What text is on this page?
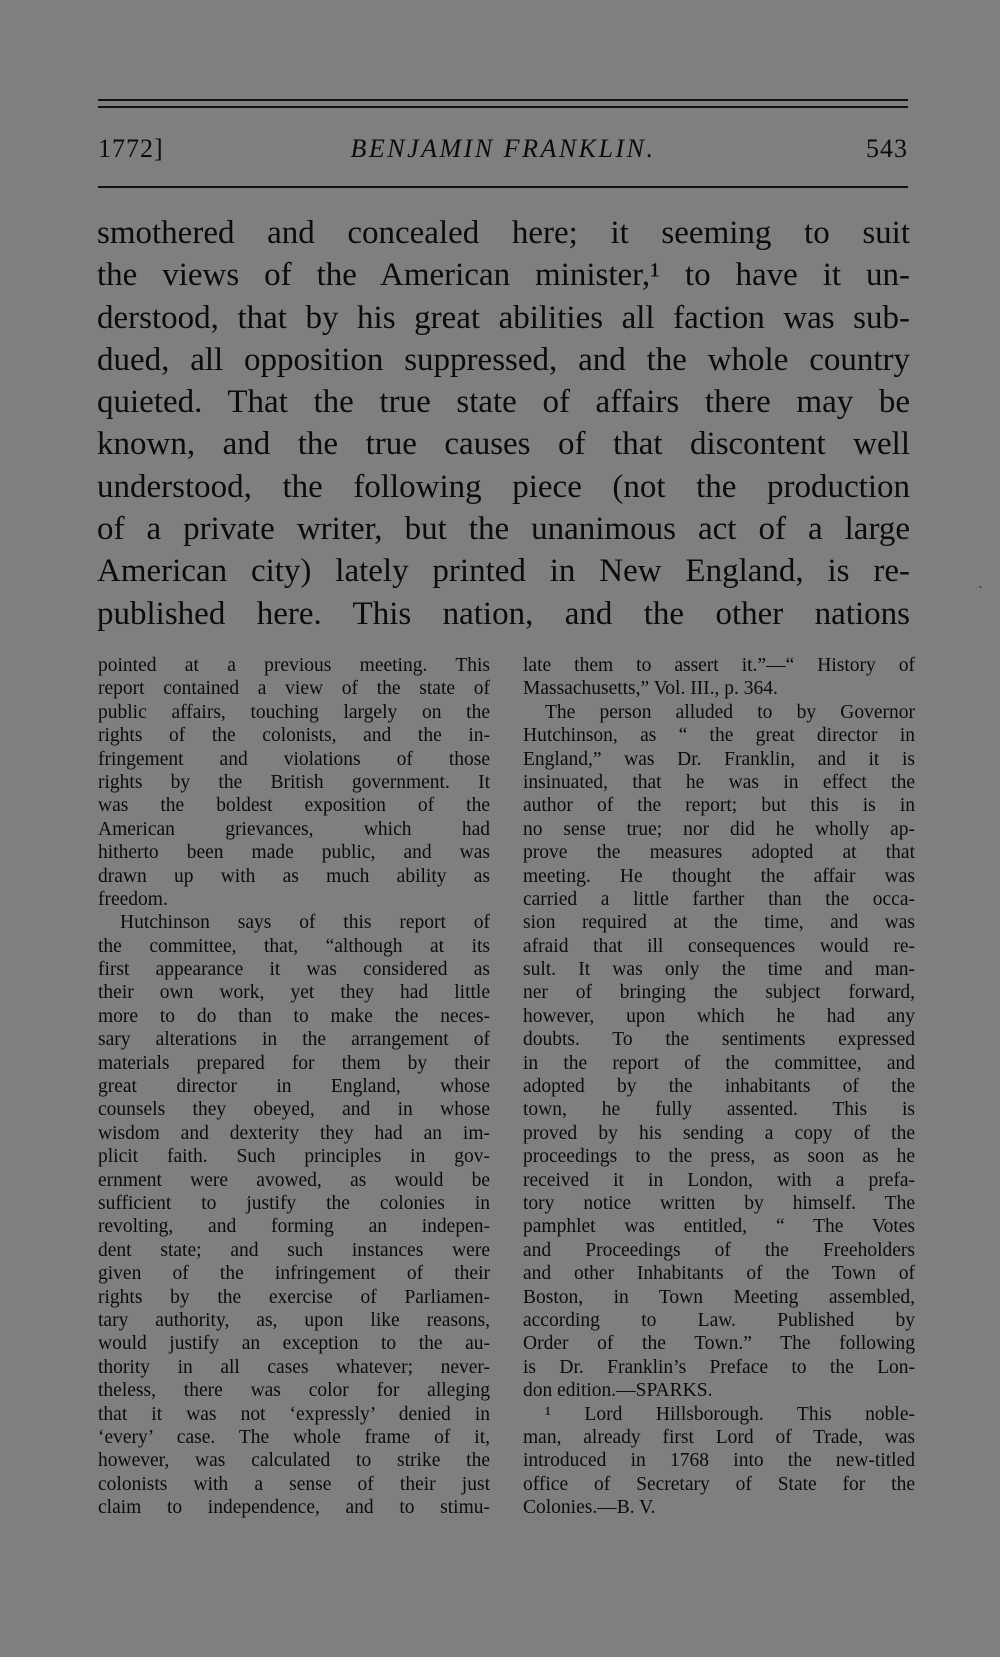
1772]	BENJAMIN FRANKLIN.	543
smothered and concealed here; it seeming to suit
the views of the American minister,¹ to have it un-
derstood, that by his great abilities all faction was sub-
dued, all opposition suppressed, and the whole country
quieted. That the true state of affairs there may be
known, and the true causes of that discontent well
understood, the following piece (not the production
of a private writer, but the unanimous act of a large
American city) lately printed in New England, is re-
published here. This nation, and the other nations
pointed at a previous meeting. This
report contained a view of the state of
public affairs, touching largely on the
rights of the colonists, and the in-
fringement and violations of those
rights by the British government. It
was the boldest exposition of the
American grievances, which had
hitherto been made public, and was
drawn up with as much ability as
freedom.
Hutchinson says of this report of
the committee, that, “although at its
first appearance it was considered as
their own work, yet they had little
more to do than to make the neces-
sary alterations in the arrangement of
materials prepared for them by their
great director in England, whose
counsels they obeyed, and in whose
wisdom and dexterity they had an im-
plicit faith. Such principles in gov-
ernment were avowed, as would be
sufficient to justify the colonies in
revolting, and forming an indepen-
dent state; and such instances were
given of the infringement of their
rights by the exercise of Parliamen-
tary authority, as, upon like reasons,
would justify an exception to the au-
thority in all cases whatever; never-
theless, there was color for alleging
that it was not ‘expressly’ denied in
‘every’ case. The whole frame of it,
however, was calculated to strike the
colonists with a sense of their just
claim to independence, and to stimu-
late them to assert it.”—“ History of
Massachusetts,” Vol. III., p. 364.
The person alluded to by Governor
Hutchinson, as “ the great director in
England,” was Dr. Franklin, and it is
insinuated, that he was in effect the
author of the report; but this is in
no sense true; nor did he wholly ap-
prove the measures adopted at that
meeting. He thought the affair was
carried a little farther than the occa-
sion required at the time, and was
afraid that ill consequences would re-
sult. It was only the time and man-
ner of bringing the subject forward,
however, upon which he had any
doubts. To the sentiments expressed
in the report of the committee, and
adopted by the inhabitants of the
town, he fully assented. This is
proved by his sending a copy of the
proceedings to the press, as soon as he
received it in London, with a prefa-
tory notice written by himself. The
pamphlet was entitled, “ The Votes
and Proceedings of the Freeholders
and other Inhabitants of the Town of
Boston, in Town Meeting assembled,
according to Law. Published by
Order of the Town.” The following
is Dr. Franklin’s Preface to the Lon-
don edition.—SPARKS.
¹ Lord Hillsborough. This noble-
man, already first Lord of Trade, was
introduced in 1768 into the new-titled
office of Secretary of State for the
Colonies.—B. V.
ˎ
